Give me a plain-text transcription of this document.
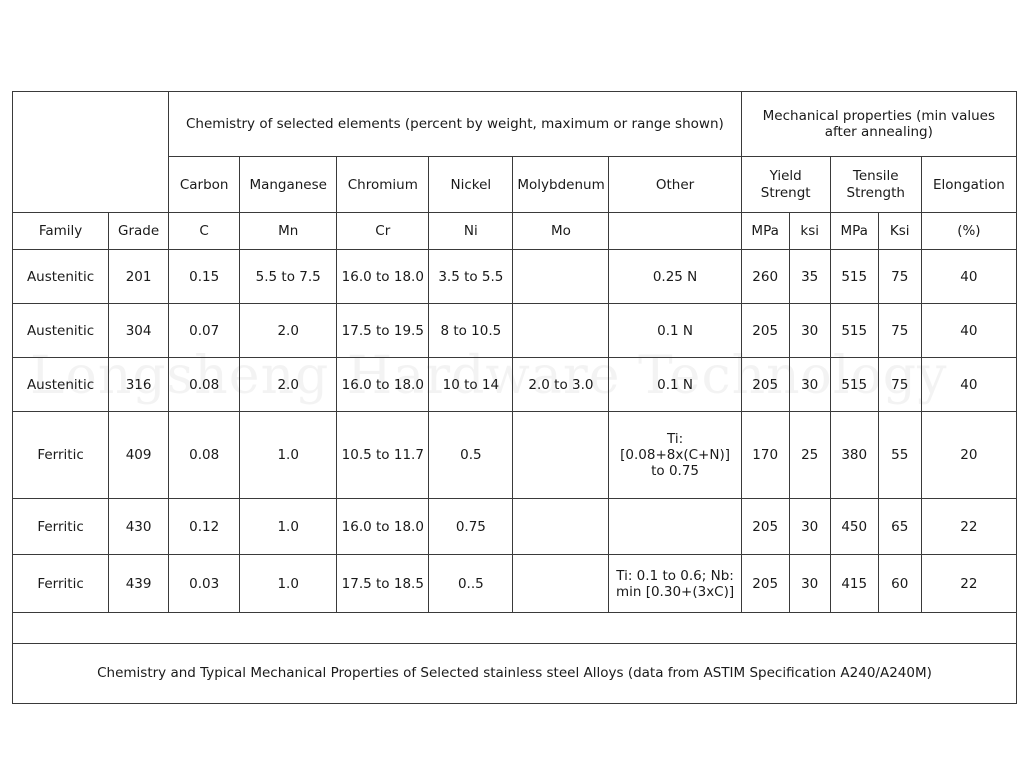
		Chemistry of selected elements (percent by weight, maximum or range shown)						Mechanical properties (min values after annealing)				
		Carbon	Manganese	Chromium	Nickel	Molybdenum	Other	Yield Strengt		Tensile Strength		Elongation
Family	Grade	C	Mn	Cr	Ni	Mo		MPa	ksi	MPa	Ksi	(%)
Austenitic	201	0.15	5.5 to 7.5	16.0 to 18.0	3.5 to 5.5		0.25 N	260	35	515	75	40
Austenitic	304	0.07	2.0	17.5 to 19.5	8 to 10.5		0.1 N	205	30	515	75	40
Austenitic	316	0.08	2.0	16.0 to 18.0	10 to 14	2.0 to 3.0	0.1 N	205	30	515	75	40
Ferritic	409	0.08	1.0	10.5 to 11.7	0.5		Ti: [0.08+8x(C+N)] to 0.75	170	25	380	55	20
Ferritic	430	0.12	1.0	16.0 to 18.0	0.75			205	30	450	65	22
Ferritic	439	0.03	1.0	17.5 to 18.5	0..5		Ti: 0.1 to 0.6; Nb: min [0.30+(3xC)]	205	30	415	60	22

Chemistry and Typical Mechanical Properties of Selected stainless steel Alloys (data from ASTIM Specification A240/A240M)												
